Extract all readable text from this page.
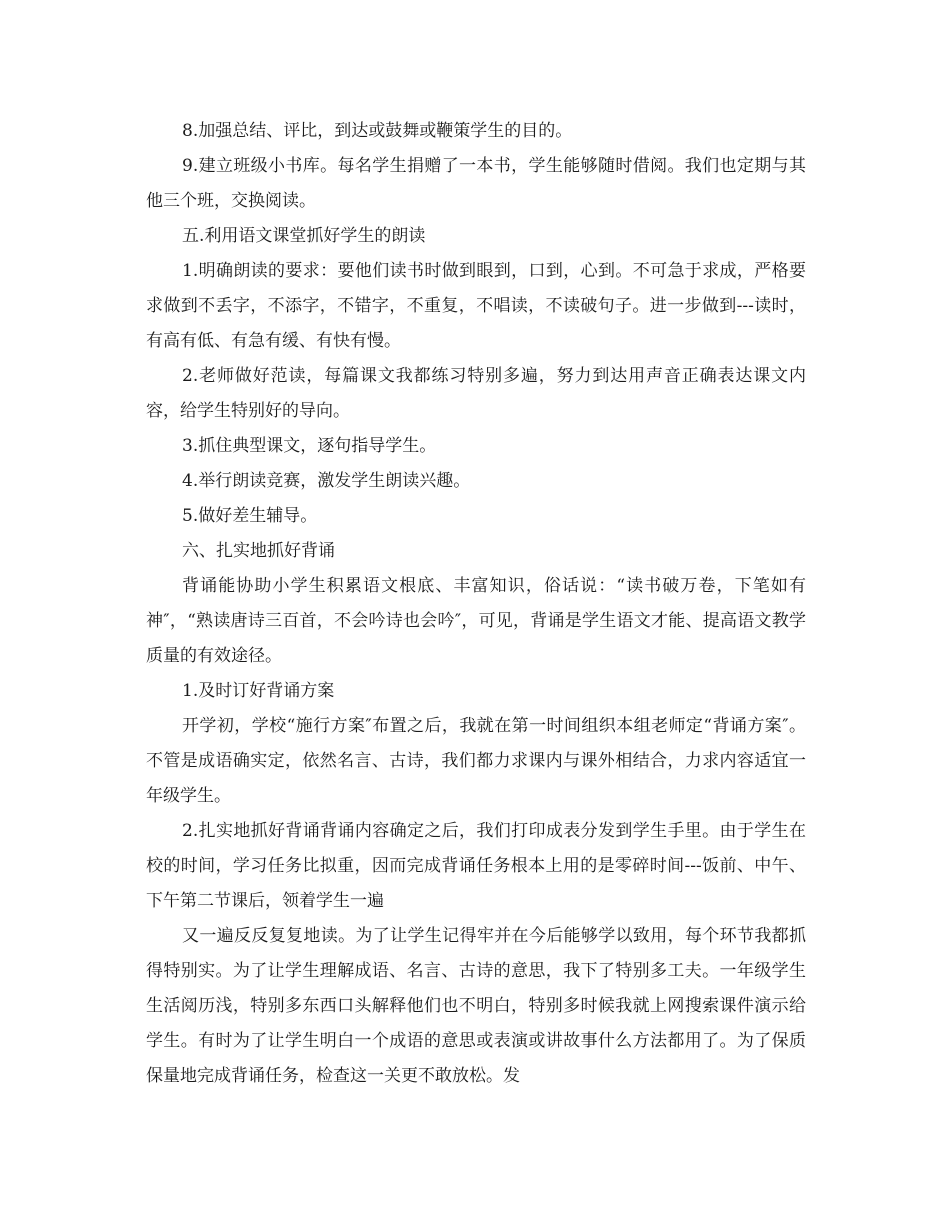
8.加强总结、评比，到达或鼓舞或鞭策学生的目的。

9.建立班级小书库。每名学生捐赠了一本书，学生能够随时借阅。我们也定期与其他三个班，交换阅读。

五.利用语文课堂抓好学生的朗读

1.明确朗读的要求：要他们读书时做到眼到，口到，心到。不可急于求成，严格要求做到不丢字，不添字，不错字，不重复，不唱读，不读破句子。进一步做到---读时，有高有低、有急有缓、有快有慢。

2.老师做好范读，每篇课文我都练习特别多遍，努力到达用声音正确表达课文内容，给学生特别好的导向。

3.抓住典型课文，逐句指导学生。

4.举行朗读竞赛，激发学生朗读兴趣。

5.做好差生辅导。

六、扎实地抓好背诵

背诵能协助小学生积累语文根底、丰富知识，俗话说：“读书破万卷，下笔如有神″，“熟读唐诗三百首，不会吟诗也会吟″，可见，背诵是学生语文才能、提高语文教学质量的有效途径。

1.及时订好背诵方案

开学初，学校“施行方案″布置之后，我就在第一时间组织本组老师定“背诵方案″。不管是成语确实定，依然名言、古诗，我们都力求课内与课外相结合，力求内容适宜一年级学生。

2.扎实地抓好背诵背诵内容确定之后，我们打印成表分发到学生手里。由于学生在校的时间，学习任务比拟重，因而完成背诵任务根本上用的是零碎时间---饭前、中午、下午第二节课后，领着学生一遍

又一遍反反复复地读。为了让学生记得牢并在今后能够学以致用，每个环节我都抓得特别实。为了让学生理解成语、名言、古诗的意思，我下了特别多工夫。一年级学生生活阅历浅，特别多东西口头解释他们也不明白，特别多时候我就上网搜索课件演示给学生。有时为了让学生明白一个成语的意思或表演或讲故事什么方法都用了。为了保质保量地完成背诵任务，检查这一关更不敢放松。发
